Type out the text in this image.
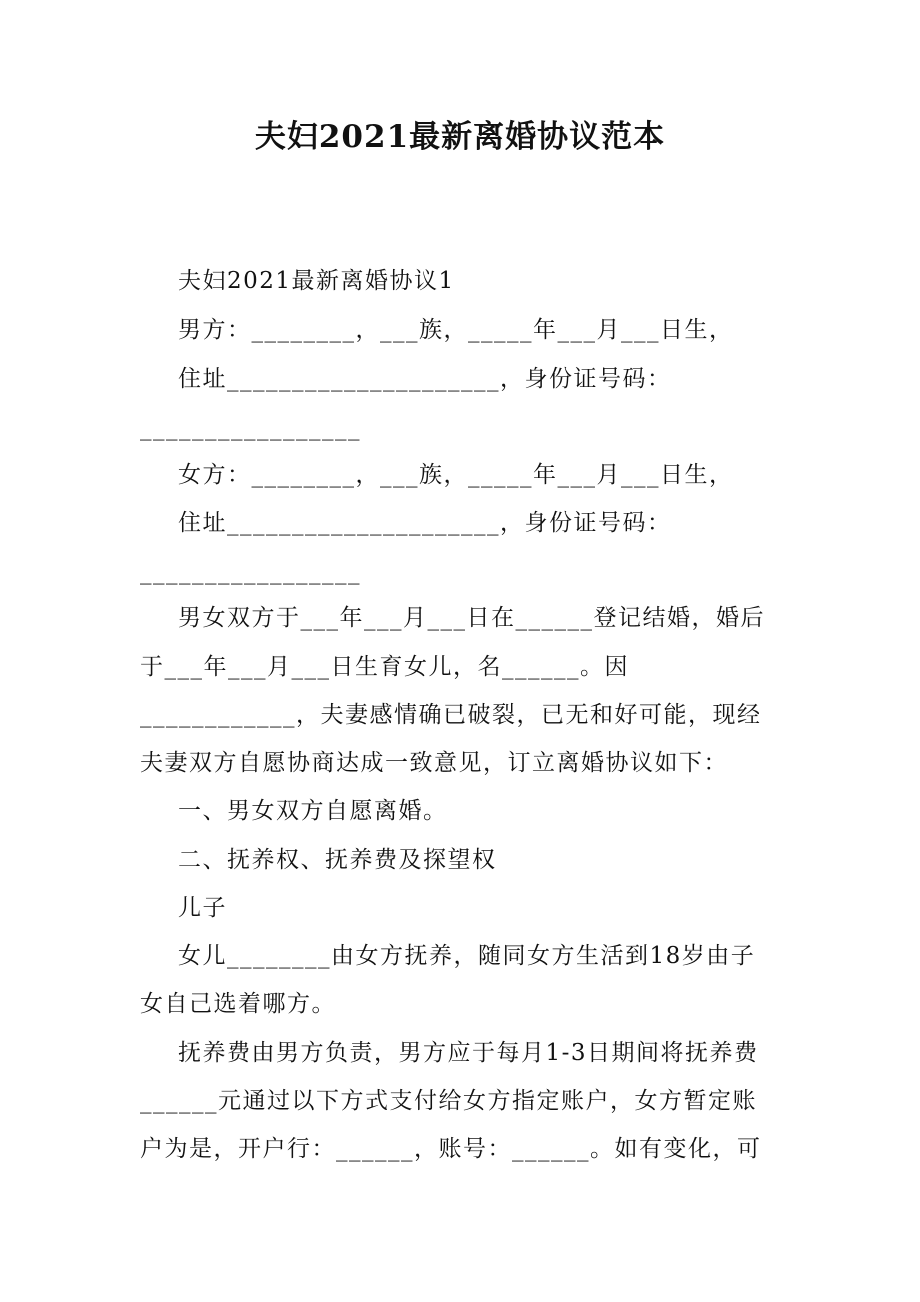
夫妇2021最新离婚协议范本
夫妇2021最新离婚协议1
男方：________，___族，_____年___月___日生，
住址_____________________，身份证号码：
_________________
女方：________，___族，_____年___月___日生，
住址_____________________，身份证号码：
_________________
男女双方于___年___月___日在______登记结婚，婚后
于___年___月___日生育女儿，名______。因
____________，夫妻感情确已破裂，已无和好可能，现经
夫妻双方自愿协商达成一致意见，订立离婚协议如下：
一、男女双方自愿离婚。
二、抚养权、抚养费及探望权
儿子
女儿________由女方抚养，随同女方生活到18岁由子
女自己选着哪方。
抚养费由男方负责，男方应于每月1-3日期间将抚养费
______元通过以下方式支付给女方指定账户，女方暂定账
户为是，开户行：______，账号：______。如有变化，可
